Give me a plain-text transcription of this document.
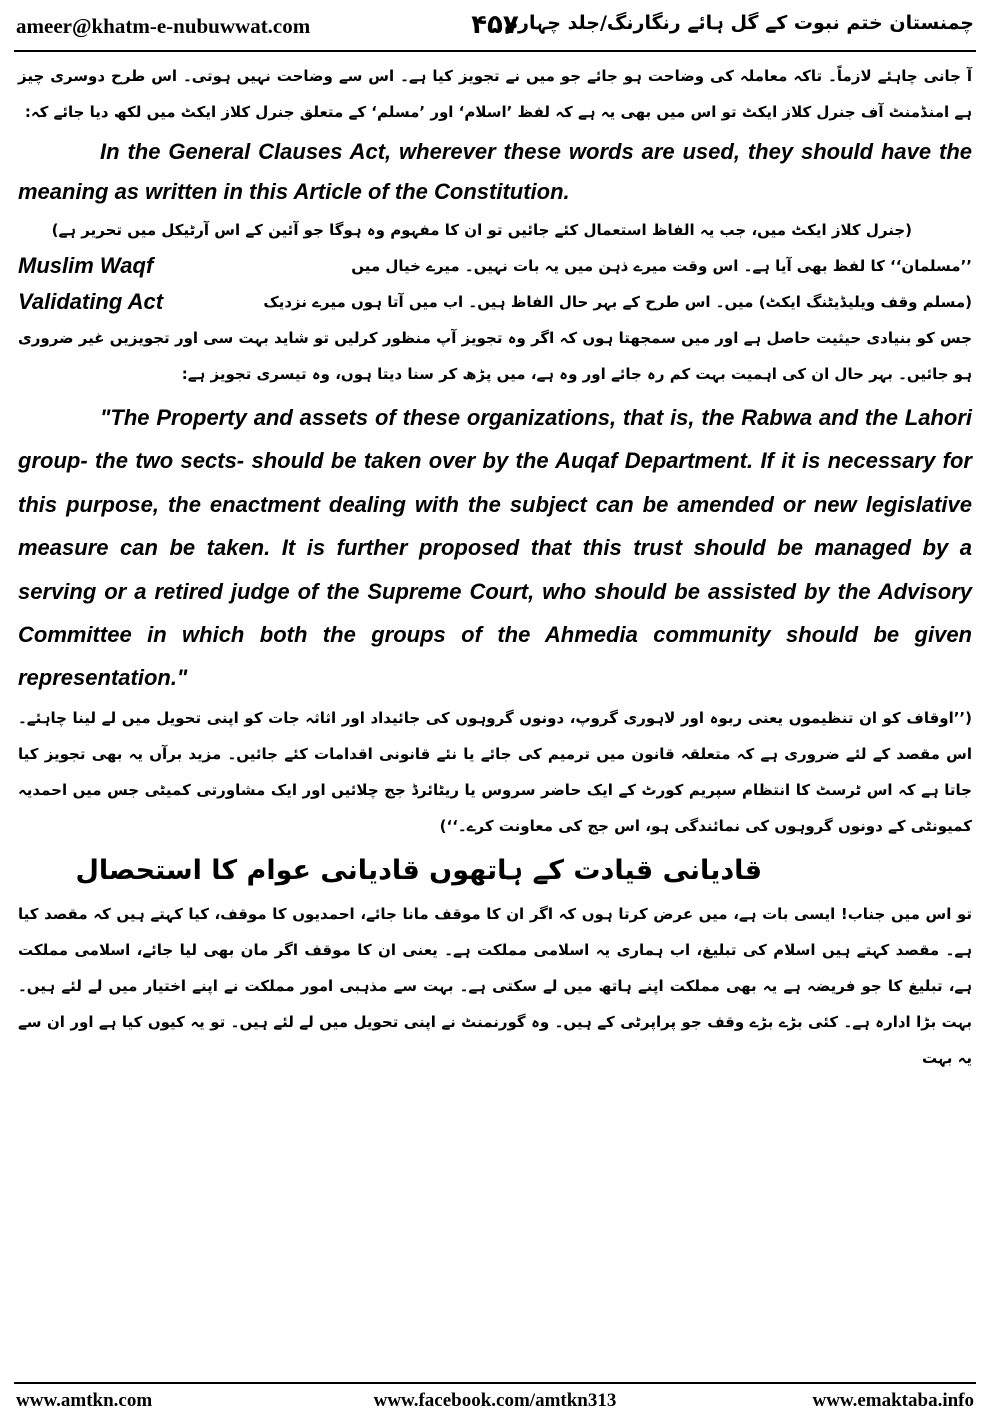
ameer@khatm-e-nubuwwat.com	۴۵۷
چمنستان ختم نبوت کے گل ہائے رنگارنگ/جلد چہارم

آ جانی چاہئے لازماً۔ تاکہ معاملہ کی وضاحت ہو جائے جو میں نے تجویز کیا ہے۔ اس سے وضاحت نہیں ہوتی۔ اس طرح دوسری چیز ہے امنڈمنٹ آف جنرل کلاز ایکٹ تو اس میں بھی یہ ہے کہ لفظ ’اسلام‘ اور ’مسلم‘ کے متعلق جنرل کلاز ایکٹ میں لکھ دیا جائے کہ:

In the General Clauses Act, wherever these words are used, they should have the meaning as written in this Article of the Constitution.

(جنرل کلاز ایکٹ میں، جب یہ الفاظ استعمال کئے جائیں تو ان کا مفہوم وہ ہوگا جو آئین کے اس آرٹیکل میں تحریر ہے)

Muslim Waqf	’’مسلمان‘‘ کا لفظ بھی آیا ہے۔ اس وقت میرے ذہن میں یہ بات نہیں۔ میرے خیال میں
Validating Act	(مسلم وقف ویلیڈیٹنگ ایکٹ) میں۔ اس طرح کے بہر حال الفاظ ہیں۔ اب میں آتا ہوں میرے نزدیک

جس کو بنیادی حیثیت حاصل ہے اور میں سمجھتا ہوں کہ اگر وہ تجویز آپ منظور کرلیں تو شاید بہت سی اور تجویزیں غیر ضروری ہو جائیں۔ بہر حال ان کی اہمیت بہت کم رہ جائے اور وہ ہے، میں پڑھ کر سنا دیتا ہوں، وہ تیسری تجویز ہے:

"The Property and assets of these organizations, that is, the Rabwa and the Lahori group- the two sects- should be taken over by the Auqaf Department. If it is necessary for this purpose, the enactment dealing with the subject can be amended or new legislative measure can be taken. It is further proposed that this trust should be managed by a serving or a retired judge of the Supreme Court, who should be assisted by the Advisory Committee in which both the groups of the Ahmedia community should be given representation."

(’’اوقاف کو ان تنظیموں یعنی ربوہ اور لاہوری گروپ، دونوں گروہوں کی جائیداد اور اثاثہ جات کو اپنی تحویل میں لے لینا چاہئے۔ اس مقصد کے لئے ضروری ہے کہ متعلقہ قانون میں ترمیم کی جائے یا نئے قانونی اقدامات کئے جائیں۔ مزید برآں یہ بھی تجویز کیا جاتا ہے کہ اس ٹرسٹ کا انتظام سپریم کورٹ کے ایک حاضر سروس یا ریٹائرڈ جج چلائیں اور ایک مشاورتی کمیٹی جس میں احمدیہ کمیونٹی کے دونوں گروہوں کی نمائندگی ہو، اس جج کی معاونت کرے۔‘‘)

قادیانی قیادت کے ہاتھوں قادیانی عوام کا استحصال

تو اس میں جناب! ایسی بات ہے، میں عرض کرتا ہوں کہ اگر ان کا موقف مانا جائے، احمدیوں کا موقف، کیا کہتے ہیں کہ مقصد کیا ہے۔ مقصد کہتے ہیں اسلام کی تبلیغ، اب ہماری یہ اسلامی مملکت ہے۔ یعنی ان کا موقف اگر مان بھی لیا جائے، اسلامی مملکت ہے، تبلیغ کا جو فریضہ ہے یہ بھی مملکت اپنے ہاتھ میں لے سکتی ہے۔ بہت سے مذہبی امور مملکت نے اپنے اختیار میں لے لئے ہیں۔ بہت بڑا ادارہ ہے۔ کئی بڑے بڑے وقف جو پراپرٹی کے ہیں۔ وہ گورنمنٹ نے اپنی تحویل میں لے لئے ہیں۔ تو یہ کیوں کیا ہے اور ان سے یہ بہت

www.amtkn.com	www.facebook.com/amtkn313	www.emaktaba.info
